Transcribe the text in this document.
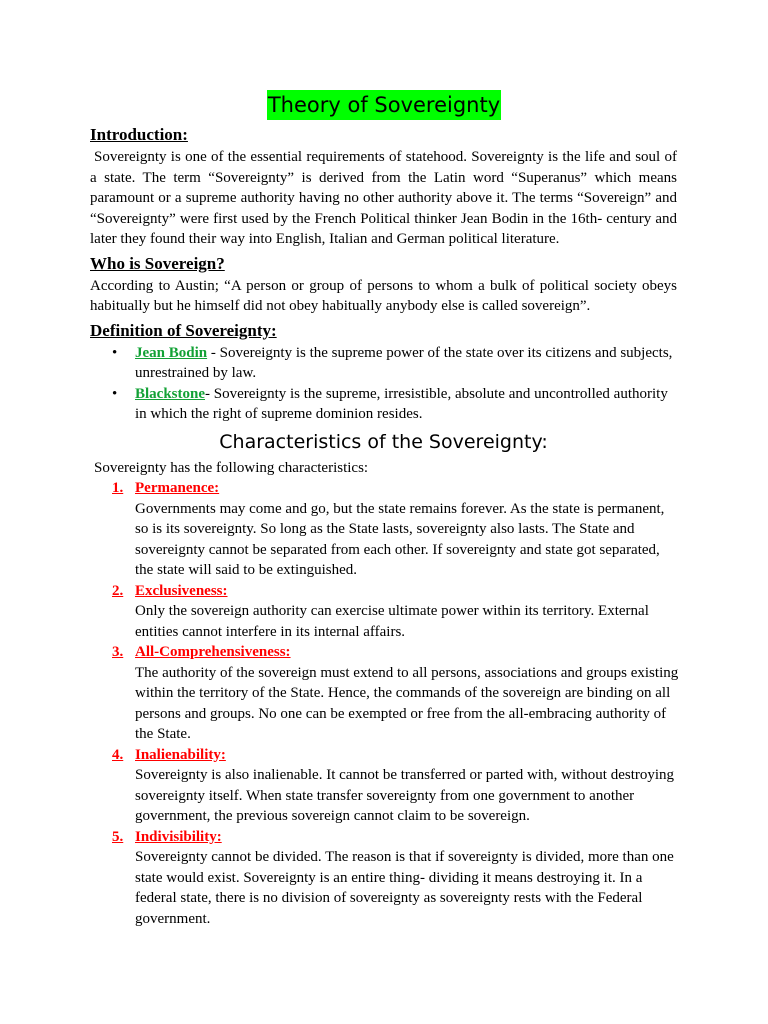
Theory of Sovereignty
Introduction:

Sovereignty is one of the essential requirements of statehood. Sovereignty is the life and soul of a state. The term “Sovereignty” is derived from the Latin word “Superanus” which means paramount or a supreme authority having no other authority above it. The terms “Sovereign” and “Sovereignty” were first used by the French Political thinker Jean Bodin in the 16th- century and later they found their way into English, Italian and German political literature.

Who is Sovereign?

According to Austin; “A person or group of persons to whom a bulk of political society obeys habitually but he himself did not obey habitually anybody else is called sovereign”.

Definition of Sovereignty:
• Jean Bodin - Sovereignty is the supreme power of the state over its citizens and subjects, unrestrained by law.
• Blackstone- Sovereignty is the supreme, irresistible, absolute and uncontrolled authority in which the right of supreme dominion resides.
Characteristics of the Sovereignty:

Sovereignty has the following characteristics:

1. Permanence:

Governments may come and go, but the state remains forever. As the state is permanent, so is its sovereignty. So long as the State lasts, sovereignty also lasts. The State and sovereignty cannot be separated from each other. If sovereignty and state got separated, the state will said to be extinguished.

2. Exclusiveness:

Only the sovereign authority can exercise ultimate power within its territory. External entities cannot interfere in its internal affairs.

3. All-Comprehensiveness:

The authority of the sovereign must extend to all persons, associations and groups existing within the territory of the State. Hence, the commands of the sovereign are binding on all persons and groups. No one can be exempted or free from the all-embracing authority of the State.

4. Inalienability:

Sovereignty is also inalienable. It cannot be transferred or parted with, without destroying sovereignty itself. When state transfer sovereignty from one government to another government, the previous sovereign cannot claim to be sovereign.

5. Indivisibility:

Sovereignty cannot be divided. The reason is that if sovereignty is divided, more than one state would exist. Sovereignty is an entire thing- dividing it means destroying it. In a federal state, there is no division of sovereignty as sovereignty rests with the Federal government.
